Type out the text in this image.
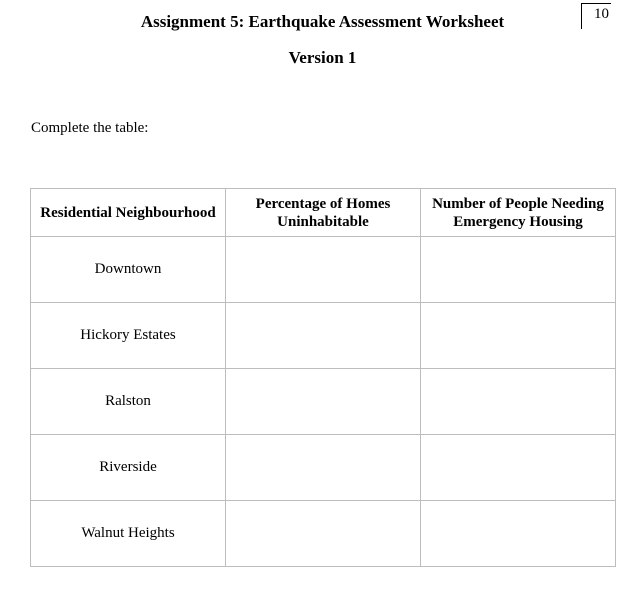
10
Assignment 5: Earthquake Assessment Worksheet
Version 1

Complete the table:

Residential Neighbourhood	Percentage of Homes Uninhabitable	Number of People Needing Emergency Housing
Downtown		
Hickory Estates		
Ralston		
Riverside		
Walnut Heights		
